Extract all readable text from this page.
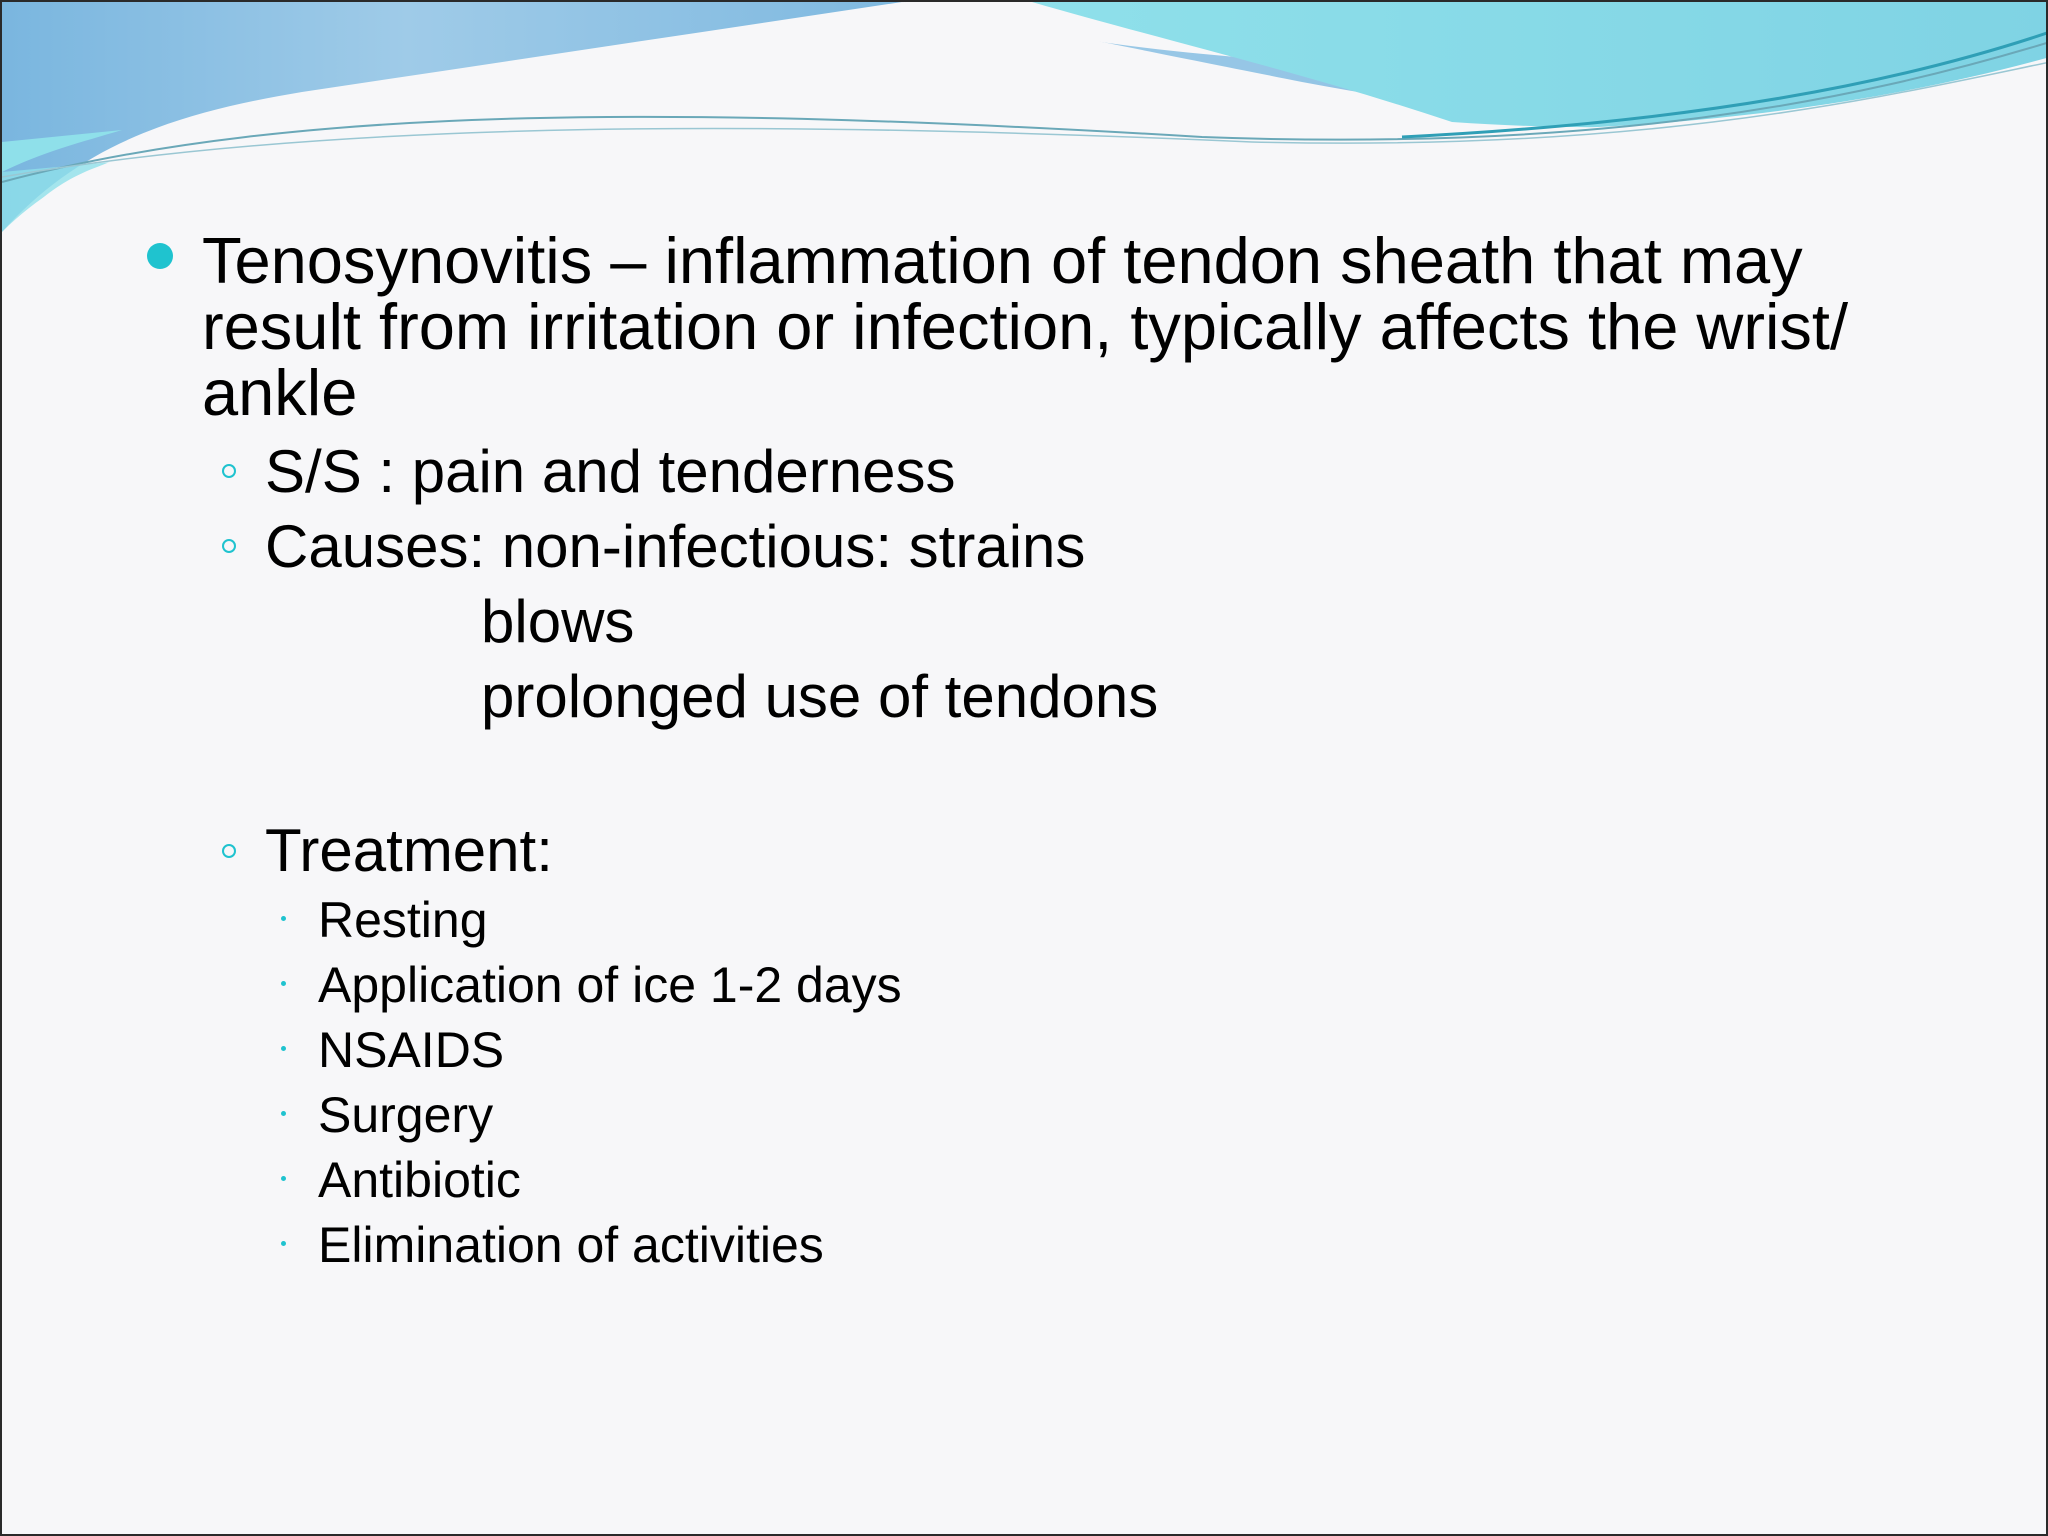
Tenosynovitis – inflammation of tendon sheath that may result from irritation or infection, typically affects the wrist/ ankle
S/S : pain and tenderness
Causes: non-infectious: strains
blows
prolonged use of tendons
Treatment:
Resting
Application of ice 1-2 days
NSAIDS
Surgery
Antibiotic
Elimination of activities
